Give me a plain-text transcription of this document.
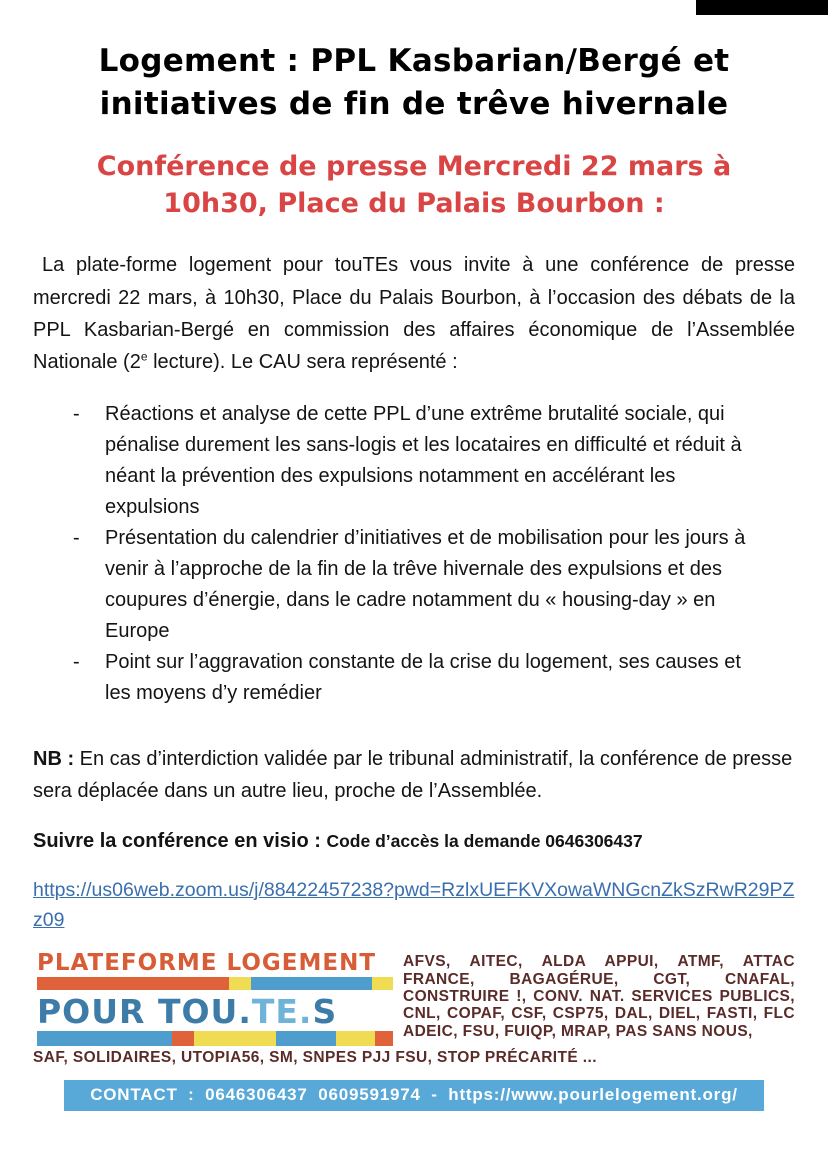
Logement : PPL Kasbarian/Bergé et
initiatives de fin de trêve hivernale
Conférence de presse Mercredi 22 mars à
10h30, Place du Palais Bourbon :

La plate-forme logement pour touTEs vous invite à une conférence de presse mercredi 22 mars, à 10h30, Place du Palais Bourbon, à l’occasion des débats de la PPL Kasbarian-Bergé en commission des affaires économique de l’Assemblée Nationale (2e lecture). Le CAU sera représenté :

-	Réactions et analyse de cette PPL d’une extrême brutalité sociale, qui pénalise durement les sans-logis et les locataires en difficulté et réduit à néant la prévention des expulsions notamment en accélérant les expulsions
-	Présentation du calendrier d’initiatives et de mobilisation pour les jours à venir à l’approche de la fin de la trêve hivernale des expulsions et des coupures d’énergie, dans le cadre notamment du « housing-day » en Europe
-	Point sur l’aggravation constante de la crise du logement, ses causes et les moyens d’y remédier

NB : En cas d’interdiction validée par le tribunal administratif, la conférence de presse sera déplacée dans un autre lieu, proche de l’Assemblée.

Suivre la conférence en visio : Code d’accès la demande 0646306437

https://us06web.zoom.us/j/88422457238?pwd=RzlxUEFKVXowaWNGcnZkSzRwR29PZz09
PLATEFORME LOGEMENT
POUR TOU.TE.S
AFVS, AITEC, ALDA APPUI, ATMF, ATTAC FRANCE, BAGAGÉRUE, CGT, CNAFAL, CONSTRUIRE !, CONV. NAT. SERVICES PUBLICS, CNL, COPAF, CSF, CSP75, DAL, DIEL, FASTI, FLC ADEIC, FSU, FUIQP, MRAP, PAS SANS NOUS,
SAF, SOLIDAIRES, UTOPIA56, SM, SNPES PJJ FSU, STOP PRÉCARITÉ ...
CONTACT : 0646306437 0609591974 - https://www.pourlelogement.org/
